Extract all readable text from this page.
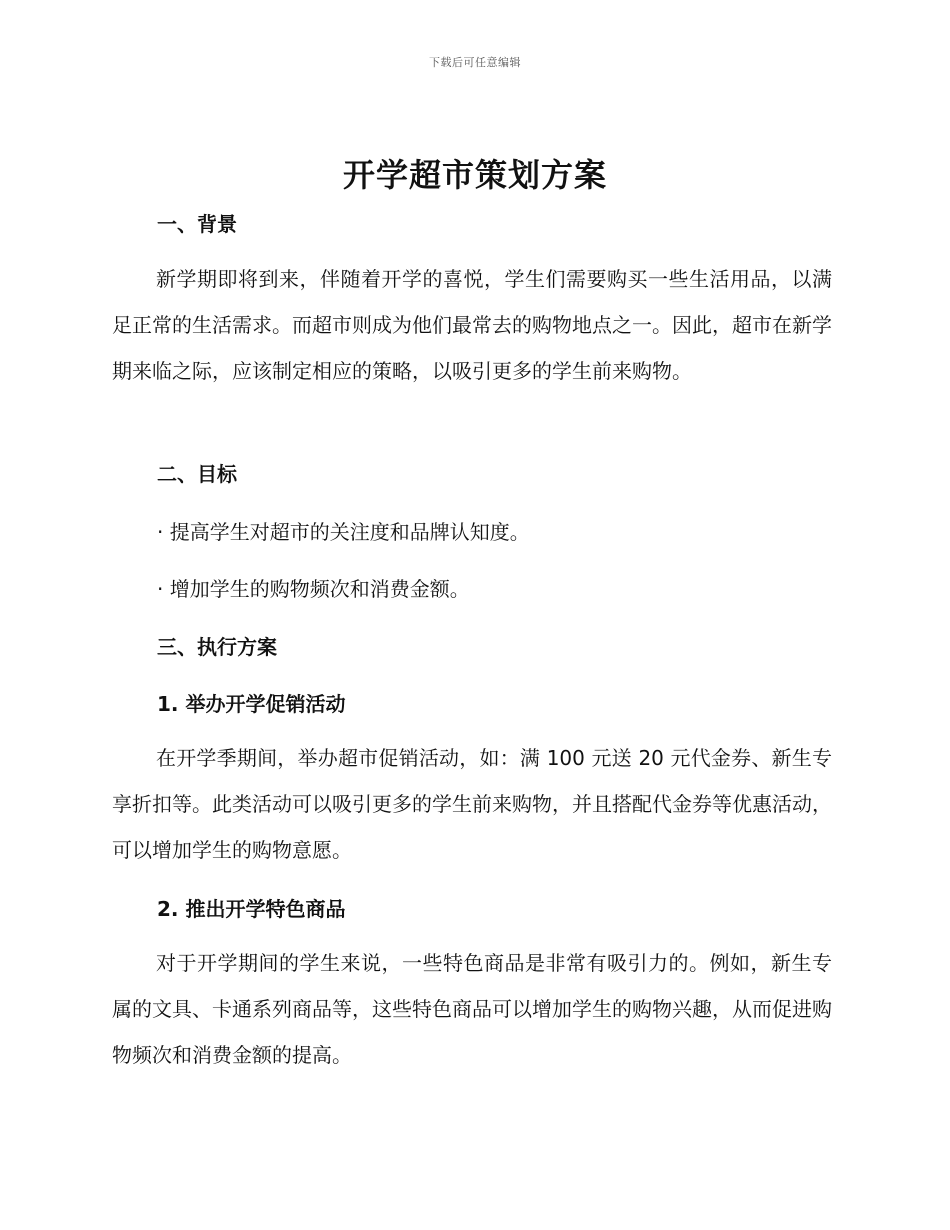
下载后可任意编辑
开学超市策划方案
一、背景

新学期即将到来，伴随着开学的喜悦，学生们需要购买一些生活用品，以满足正常的生活需求。而超市则成为他们最常去的购物地点之一。因此，超市在新学期来临之际，应该制定相应的策略，以吸引更多的学生前来购物。

二、目标
· 提高学生对超市的关注度和品牌认知度。
· 增加学生的购物频次和消费金额。
三、执行方案
1. 举办开学促销活动

在开学季期间，举办超市促销活动，如：满 100 元送 20 元代金券、新生专享折扣等。此类活动可以吸引更多的学生前来购物，并且搭配代金券等优惠活动，可以增加学生的购物意愿。

2. 推出开学特色商品

对于开学期间的学生来说，一些特色商品是非常有吸引力的。例如，新生专属的文具、卡通系列商品等，这些特色商品可以增加学生的购物兴趣，从而促进购物频次和消费金额的提高。
